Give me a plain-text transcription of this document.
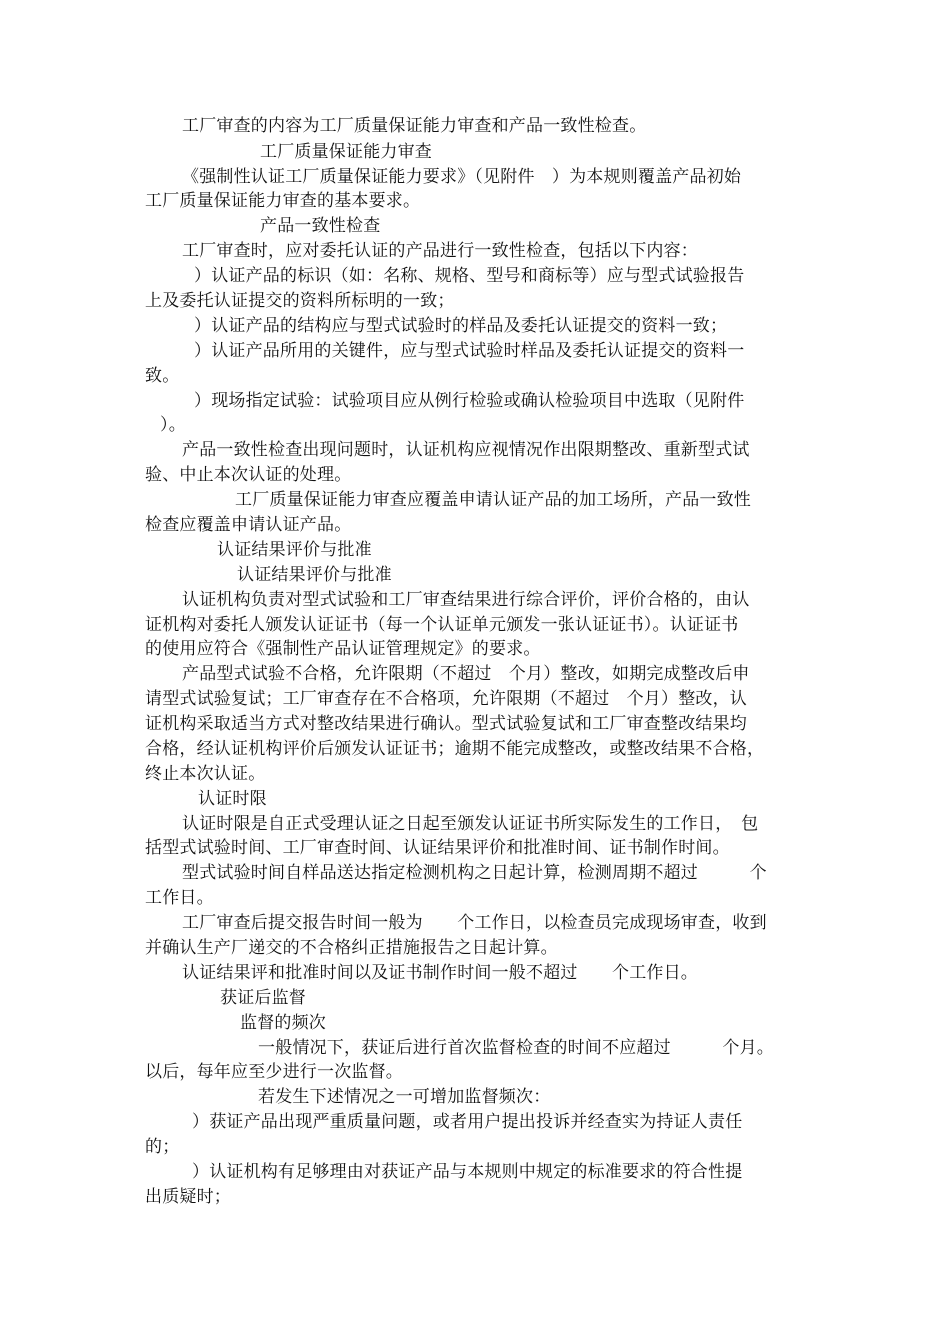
工厂审查的内容为工厂质量保证能力审查和产品一致性检查。
工厂质量保证能力审查
《强制性认证工厂质量保证能力要求》（见附件　）为本规则覆盖产品初始
工厂质量保证能力审查的基本要求。
产品一致性检查
工厂审查时，应对委托认证的产品进行一致性检查，包括以下内容：
）认证产品的标识（如：名称、规格、型号和商标等）应与型式试验报告
上及委托认证提交的资料所标明的一致；
）认证产品的结构应与型式试验时的样品及委托认证提交的资料一致；
）认证产品所用的关键件，应与型式试验时样品及委托认证提交的资料一
致。
）现场指定试验：试验项目应从例行检验或确认检验项目中选取（见附件
）。
产品一致性检查出现问题时，认证机构应视情况作出限期整改、重新型式试
验、中止本次认证的处理。
工厂质量保证能力审查应覆盖申请认证产品的加工场所，产品一致性
检查应覆盖申请认证产品。
认证结果评价与批准
认证结果评价与批准
认证机构负责对型式试验和工厂审查结果进行综合评价，评价合格的，由认
证机构对委托人颁发认证证书（每一个认证单元颁发一张认证证书）。认证证书
的使用应符合《强制性产品认证管理规定》的要求。
产品型式试验不合格，允许限期（不超过　个月）整改，如期完成整改后申
请型式试验复试；工厂审查存在不合格项，允许限期（不超过　个月）整改，认
证机构采取适当方式对整改结果进行确认。型式试验复试和工厂审查整改结果均
合格，经认证机构评价后颁发认证证书；逾期不能完成整改，或整改结果不合格，
终止本次认证。
认证时限
认证时限是自正式受理认证之日起至颁发认证证书所实际发生的工作日，　包
括型式试验时间、工厂审查时间、认证结果评价和批准时间、证书制作时间。
型式试验时间自样品送达指定检测机构之日起计算，检测周期不超过　　　个
工作日。
工厂审查后提交报告时间一般为　　个工作日，以检查员完成现场审查，收到
并确认生产厂递交的不合格纠正措施报告之日起计算。
认证结果评和批准时间以及证书制作时间一般不超过　　个工作日。
获证后监督
监督的频次
一般情况下，获证后进行首次监督检查的时间不应超过　　　个月。
以后，每年应至少进行一次监督。
若发生下述情况之一可增加监督频次：
）获证产品出现严重质量问题，或者用户提出投诉并经查实为持证人责任
的；
）认证机构有足够理由对获证产品与本规则中规定的标准要求的符合性提
出质疑时；
